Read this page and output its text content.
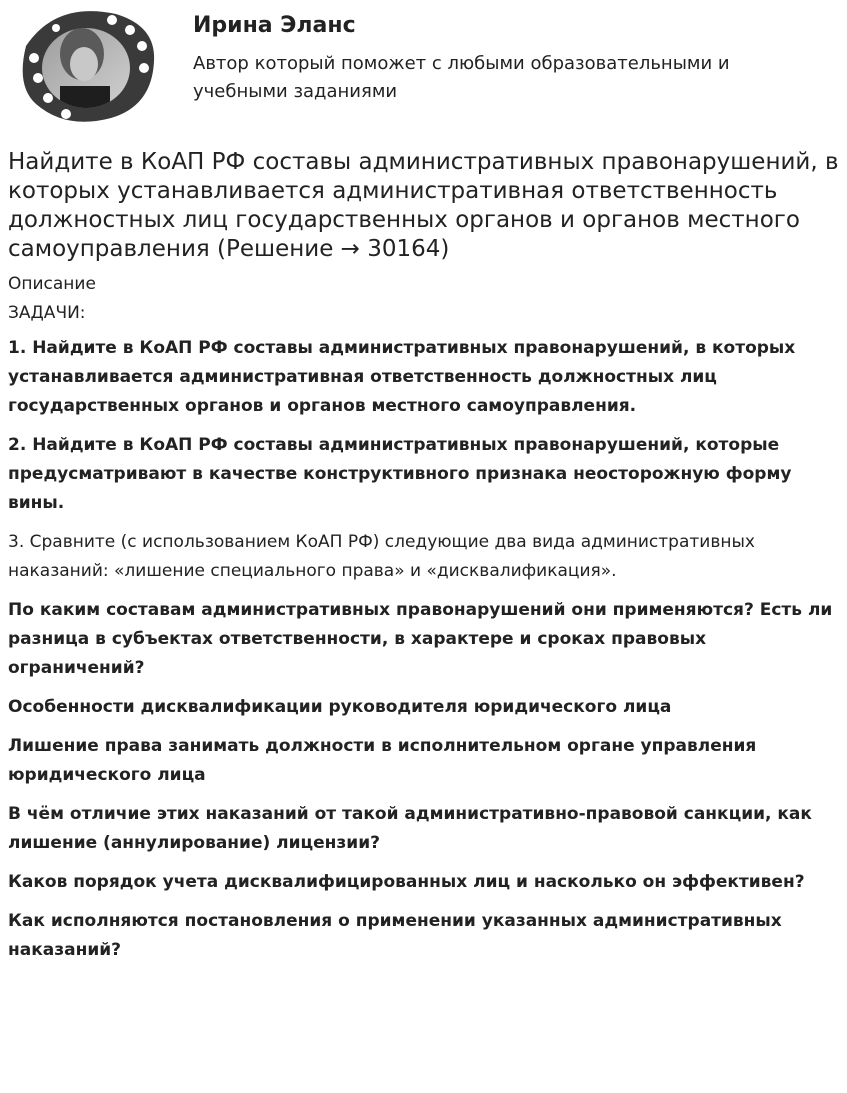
Ирина Эланс

Автор который поможет с любыми образовательными и учебными заданиями

Найдите в КоАП РФ составы административных правонарушений, в которых устанавливается административная ответственность должностных лиц государственных органов и органов местного самоуправления (Решение → 30164)

Описание

ЗАДАЧИ:

1. Найдите в КоАП РФ составы административных правонарушений, в которых устанавливается административная ответственность должностных лиц государственных органов и органов местного самоуправления.

2. Найдите в КоАП РФ составы административных правонарушений, которые предусматривают в качестве конструктивного признака неосторожную форму вины.

3. Сравните (с использованием КоАП РФ) следующие два вида административных наказаний: «лишение специального права» и «дисквалификация».

По каким составам административных правонарушений они применяются? Есть ли разница в субъектах ответственности, в характере и сроках правовых ограничений?

Особенности дисквалификации руководителя юридического лица

Лишение права занимать должности в исполнительном органе управления юридического лица

В чём отличие этих наказаний от такой административно-правовой санкции, как лишение (аннулирование) лицензии?

Каков порядок учета дисквалифицированных лиц и насколько он эффективен?

Как исполняются постановления о применении указанных административных наказаний?
